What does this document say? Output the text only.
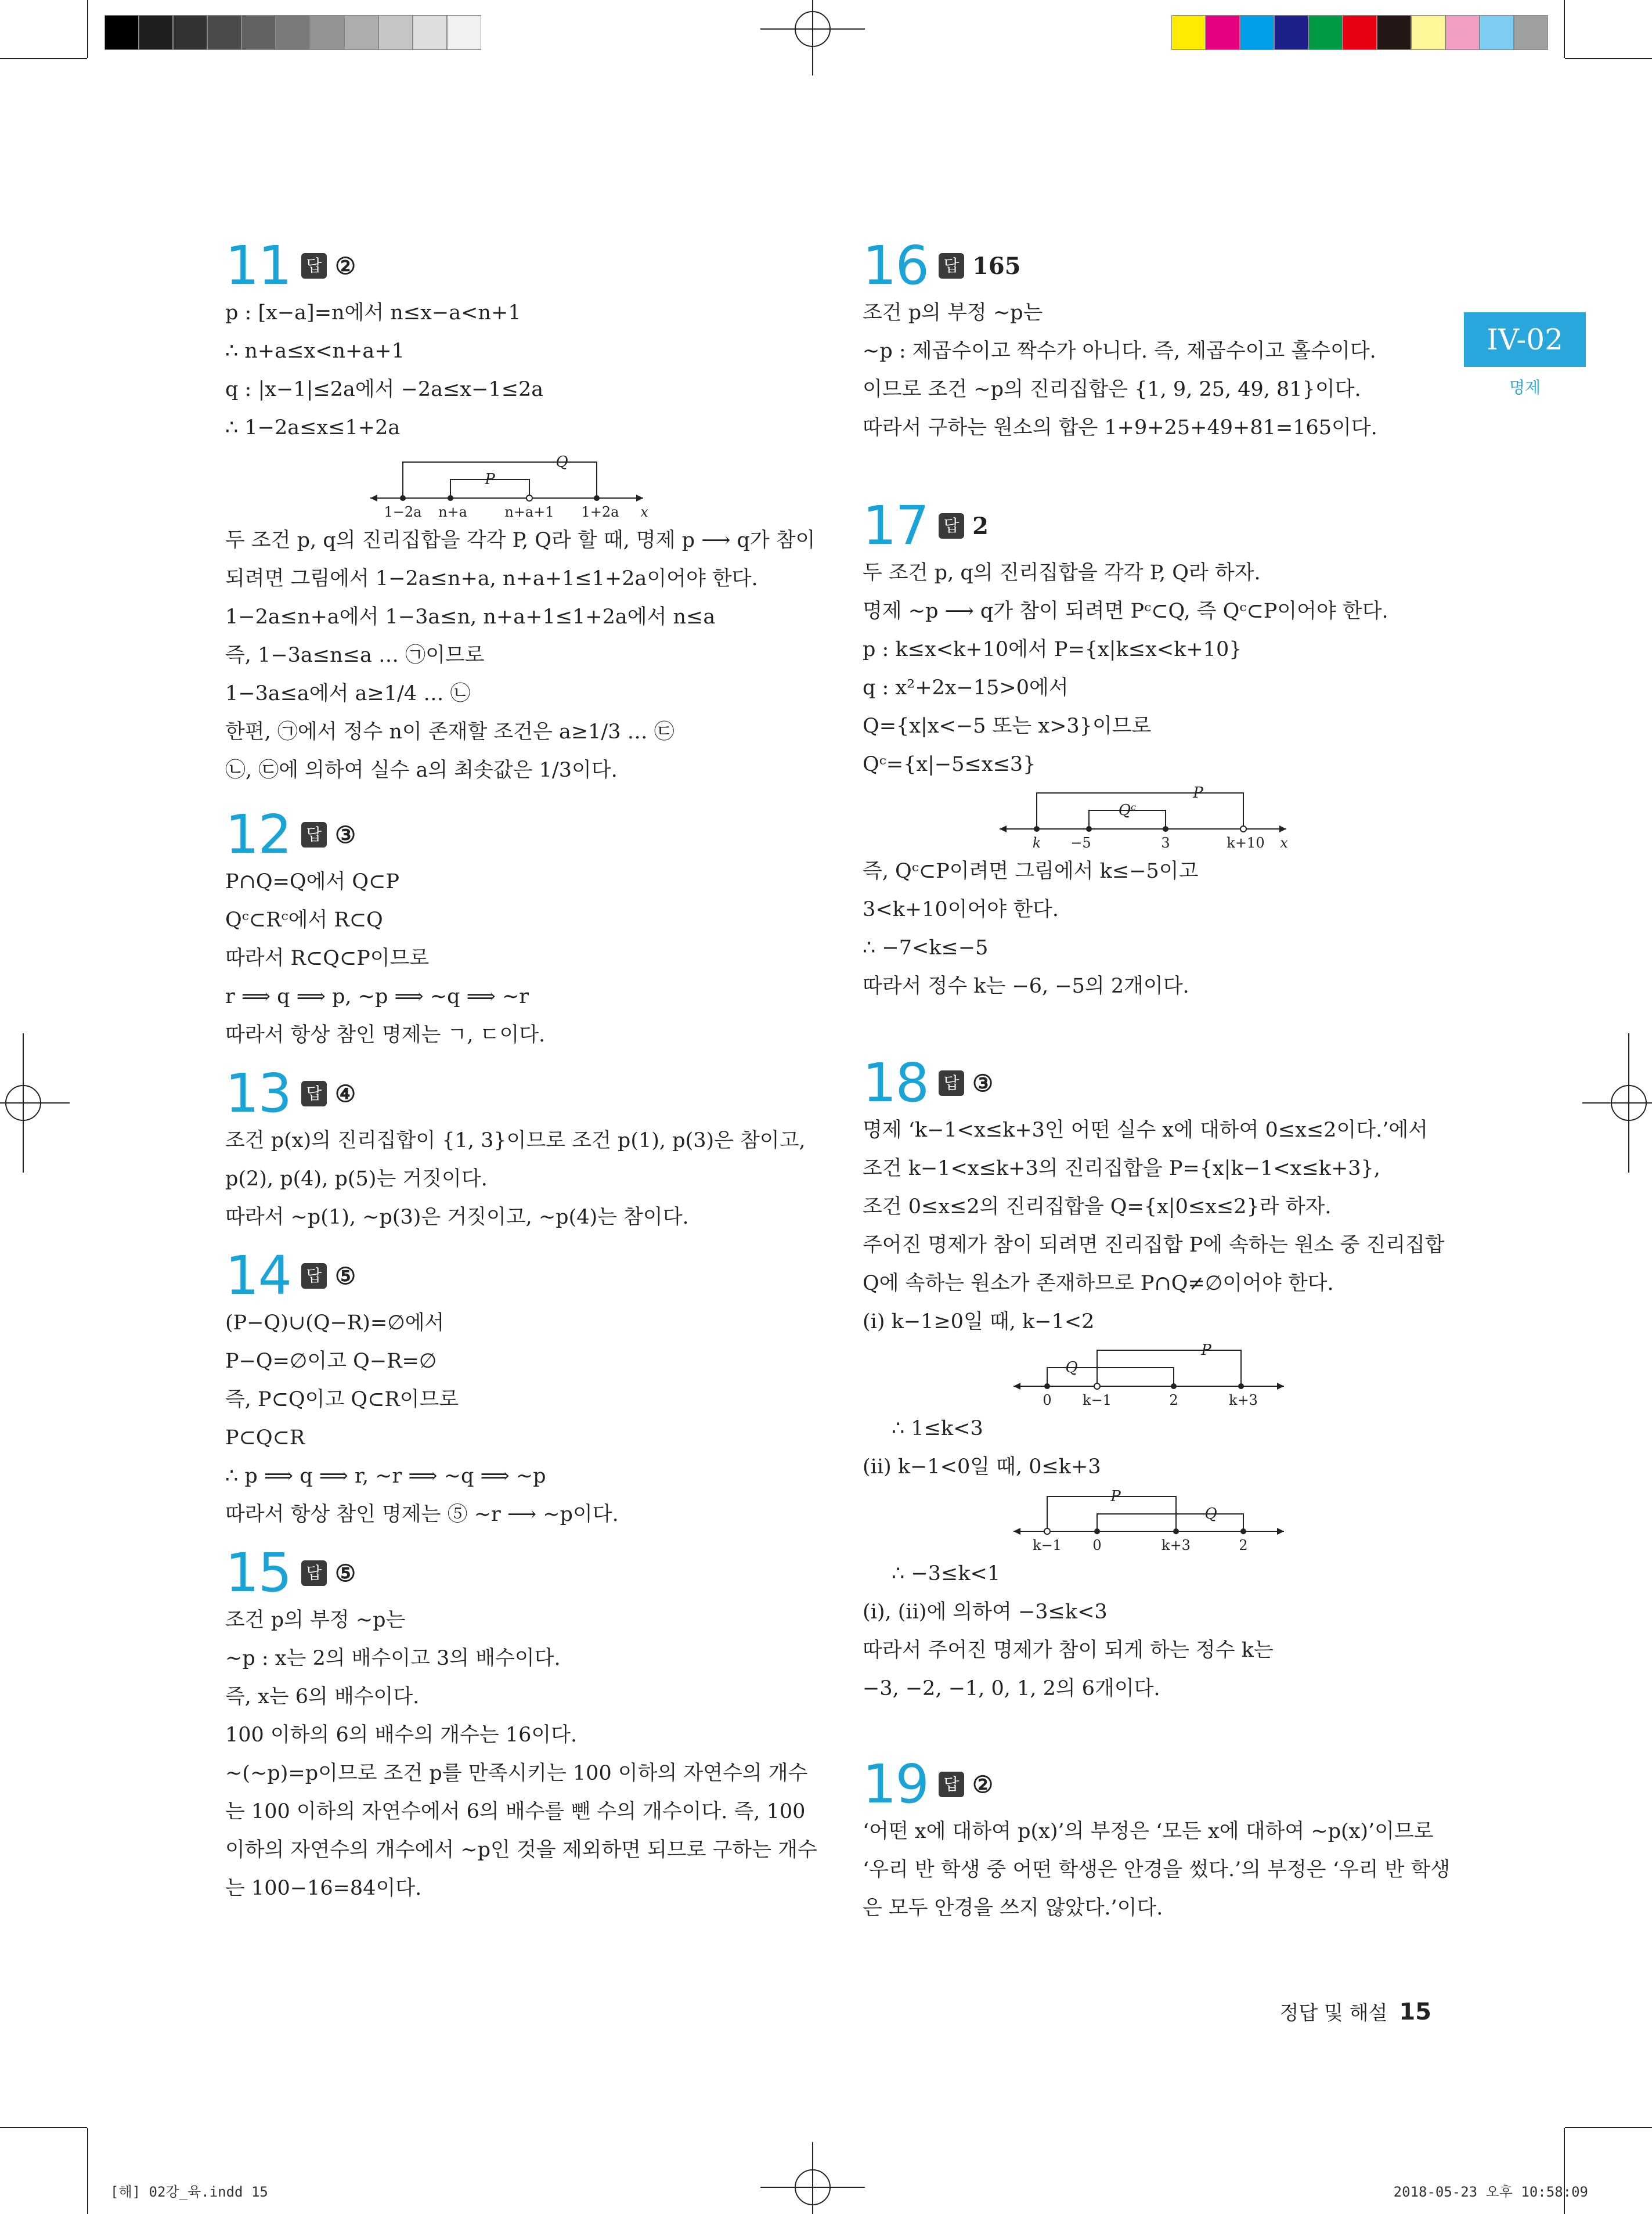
IV-02
명제
11 답 ②
p : [x−a]=n에서 n≤x−a<n+1
∴ n+a≤x<n+a+1
q : |x−1|≤2a에서 −2a≤x−1≤2a
∴ 1−2a≤x≤1+2a
Q
P
1−2a n+a	n+a+1 1+2a x
두 조건 p, q의 진리집합을 각각 P, Q라 할 때, 명제 p ⟶ q가 참이
되려면 그림에서 1−2a≤n+a, n+a+1≤1+2a이어야 한다.
1−2a≤n+a에서 1−3a≤n, n+a+1≤1+2a에서 n≤a
즉, 1−3a≤n≤a … ㉠이므로
1−3a≤a에서 a≥1/4 … ㉡
한편, ㉠에서 정수 n이 존재할 조건은 a≥1/3 … ㉢
㉡, ㉢에 의하여 실수 a의 최솟값은 1/3이다.
12 답 ③
P∩Q=Q에서 Q⊂P
Qᶜ⊂Rᶜ에서 R⊂Q
따라서 R⊂Q⊂P이므로
r ⟹ q ⟹ p, ~p ⟹ ~q ⟹ ~r
따라서 항상 참인 명제는 ㄱ, ㄷ이다.
13 답 ④
조건 p(x)의 진리집합이 {1, 3}이므로 조건 p(1), p(3)은 참이고,
p(2), p(4), p(5)는 거짓이다.
따라서 ~p(1), ~p(3)은 거짓이고, ~p(4)는 참이다.
14 답 ⑤
(P−Q)∪(Q−R)=∅에서
P−Q=∅이고 Q−R=∅
즉, P⊂Q이고 Q⊂R이므로
P⊂Q⊂R
∴ p ⟹ q ⟹ r, ~r ⟹ ~q ⟹ ~p
따라서 항상 참인 명제는 ⑤ ~r ⟶ ~p이다.
15 답 ⑤
조건 p의 부정 ~p는
~p : x는 2의 배수이고 3의 배수이다.
즉, x는 6의 배수이다.
100 이하의 6의 배수의 개수는 16이다.
~(~p)=p이므로 조건 p를 만족시키는 100 이하의 자연수의 개수
는 100 이하의 자연수에서 6의 배수를 뺀 수의 개수이다. 즉, 100
이하의 자연수의 개수에서 ~p인 것을 제외하면 되므로 구하는 개수
는 100−16=84이다.
16 답 165
조건 p의 부정 ~p는
~p : 제곱수이고 짝수가 아니다. 즉, 제곱수이고 홀수이다.
이므로 조건 ~p의 진리집합은 {1, 9, 25, 49, 81}이다.
따라서 구하는 원소의 합은 1+9+25+49+81=165이다.
17 답 2
두 조건 p, q의 진리집합을 각각 P, Q라 하자.
명제 ~p ⟶ q가 참이 되려면 Pᶜ⊂Q, 즉 Qᶜ⊂P이어야 한다.
p : k≤x<k+10에서 P={x|k≤x<k+10}
q : x²+2x−15>0에서
Q={x|x<−5 또는 x>3}이므로
Qᶜ={x|−5≤x≤3}
P
Qᶜ
k −5	3	k+10 x
즉, Qᶜ⊂P이려면 그림에서 k≤−5이고
3<k+10이어야 한다.
∴ −7<k≤−5
따라서 정수 k는 −6, −5의 2개이다.
18 답 ③
명제 ‘k−1<x≤k+3인 어떤 실수 x에 대하여 0≤x≤2이다.’에서
조건 k−1<x≤k+3의 진리집합을 P={x|k−1<x≤k+3},
조건 0≤x≤2의 진리집합을 Q={x|0≤x≤2}라 하자.
주어진 명제가 참이 되려면 진리집합 P에 속하는 원소 중 진리집합
Q에 속하는 원소가 존재하므로 P∩Q≠∅이어야 한다.
(i) k−1≥0일 때, k−1<2
P
Q
0 k−1	2	k+3
∴ 1≤k<3
(ii) k−1<0일 때, 0≤k+3
P
Q
k−1 0	k+3	2
∴ −3≤k<1
(i), (ii)에 의하여 −3≤k<3
따라서 주어진 명제가 참이 되게 하는 정수 k는
−3, −2, −1, 0, 1, 2의 6개이다.
19 답 ②
‘어떤 x에 대하여 p(x)’의 부정은 ‘모든 x에 대하여 ~p(x)’이므로
‘우리 반 학생 중 어떤 학생은 안경을 썼다.’의 부정은 ‘우리 반 학생
은 모두 안경을 쓰지 않았다.’이다.
정답 및 해설 15
[해] 02강_육.indd 15	2018-05-23 오후 10:58:09
